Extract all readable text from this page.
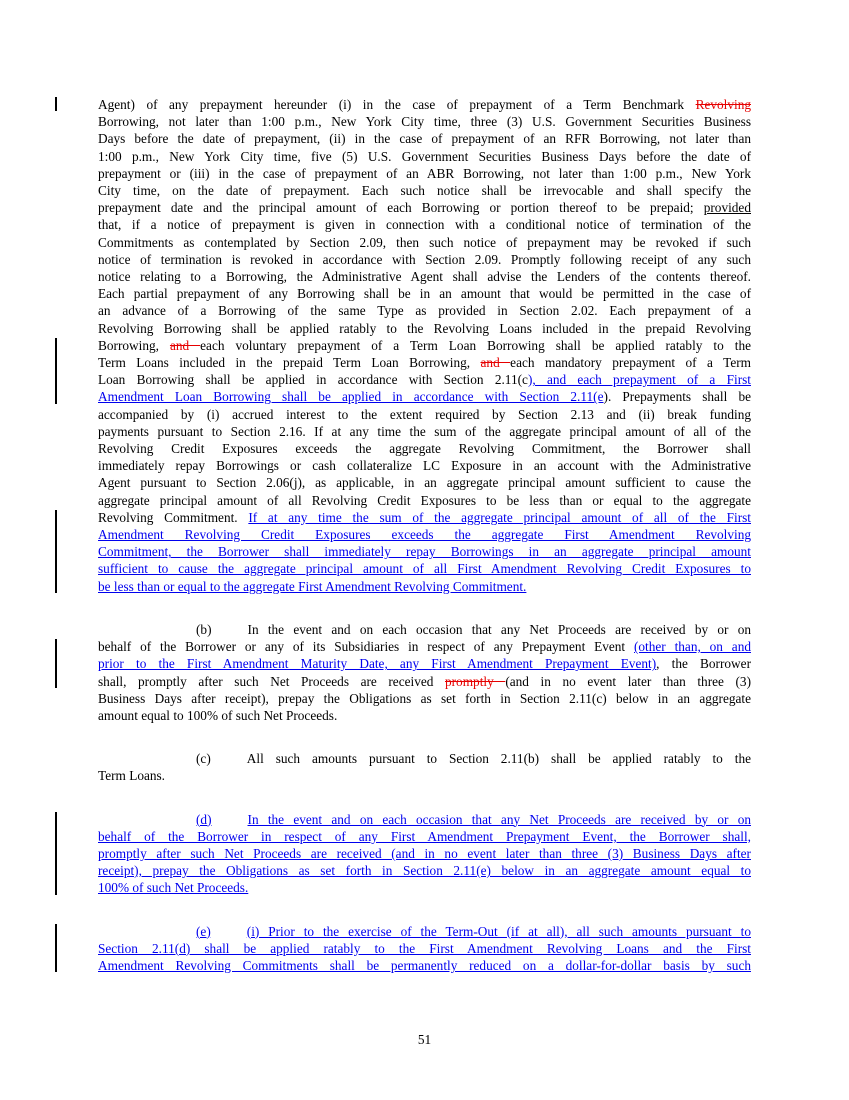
Agent) of any prepayment hereunder (i) in the case of prepayment of a Term Benchmark Revolving
Borrowing, not later than 1:00 p.m., New York City time, three (3) U.S. Government Securities Business
Days before the date of prepayment, (ii) in the case of prepayment of an RFR Borrowing, not later than
1:00 p.m., New York City time, five (5) U.S. Government Securities Business Days before the date of
prepayment or (iii) in the case of prepayment of an ABR Borrowing, not later than 1:00 p.m., New York
City time, on the date of prepayment. Each such notice shall be irrevocable and shall specify the
prepayment date and the principal amount of each Borrowing or portion thereof to be prepaid; provided
that, if a notice of prepayment is given in connection with a conditional notice of termination of the
Commitments as contemplated by Section 2.09, then such notice of prepayment may be revoked if such
notice of termination is revoked in accordance with Section 2.09. Promptly following receipt of any such
notice relating to a Borrowing, the Administrative Agent shall advise the Lenders of the contents thereof.
Each partial prepayment of any Borrowing shall be in an amount that would be permitted in the case of
an advance of a Borrowing of the same Type as provided in Section 2.02. Each prepayment of a
Revolving Borrowing shall be applied ratably to the Revolving Loans included in the prepaid Revolving
Borrowing, and each voluntary prepayment of a Term Loan Borrowing shall be applied ratably to the
Term Loans included in the prepaid Term Loan Borrowing, and each mandatory prepayment of a Term
Loan Borrowing shall be applied in accordance with Section 2.11(c), and each prepayment of a First
Amendment Loan Borrowing shall be applied in accordance with Section 2.11(e). Prepayments shall be
accompanied by (i) accrued interest to the extent required by Section 2.13 and (ii) break funding
payments pursuant to Section 2.16. If at any time the sum of the aggregate principal amount of all of the
Revolving Credit Exposures exceeds the aggregate Revolving Commitment, the Borrower shall
immediately repay Borrowings or cash collateralize LC Exposure in an account with the Administrative
Agent pursuant to Section 2.06(j), as applicable, in an aggregate principal amount sufficient to cause the
aggregate principal amount of all Revolving Credit Exposures to be less than or equal to the aggregate
Revolving Commitment. If at any time the sum of the aggregate principal amount of all of the First
Amendment Revolving Credit Exposures exceeds the aggregate First Amendment Revolving
Commitment, the Borrower shall immediately repay Borrowings in an aggregate principal amount
sufficient to cause the aggregate principal amount of all First Amendment Revolving Credit Exposures to
be less than or equal to the aggregate First Amendment Revolving Commitment.
(b)	In the event and on each occasion that any Net Proceeds are received by or on
behalf of the Borrower or any of its Subsidiaries in respect of any Prepayment Event (other than, on and
prior to the First Amendment Maturity Date, any First Amendment Prepayment Event), the Borrower
shall, promptly after such Net Proceeds are received promptly (and in no event later than three (3)
Business Days after receipt), prepay the Obligations as set forth in Section 2.11(c) below in an aggregate
amount equal to 100% of such Net Proceeds.
(c)	All such amounts pursuant to Section 2.11(b) shall be applied ratably to the
Term Loans.
(d)	In the event and on each occasion that any Net Proceeds are received by or on
behalf of the Borrower in respect of any First Amendment Prepayment Event, the Borrower shall,
promptly after such Net Proceeds are received (and in no event later than three (3) Business Days after
receipt), prepay the Obligations as set forth in Section 2.11(e) below in an aggregate amount equal to
100% of such Net Proceeds.
(e)	(i) Prior to the exercise of the Term-Out (if at all), all such amounts pursuant to
Section 2.11(d) shall be applied ratably to the First Amendment Revolving Loans and the First
Amendment Revolving Commitments shall be permanently reduced on a dollar-for-dollar basis by such
51
